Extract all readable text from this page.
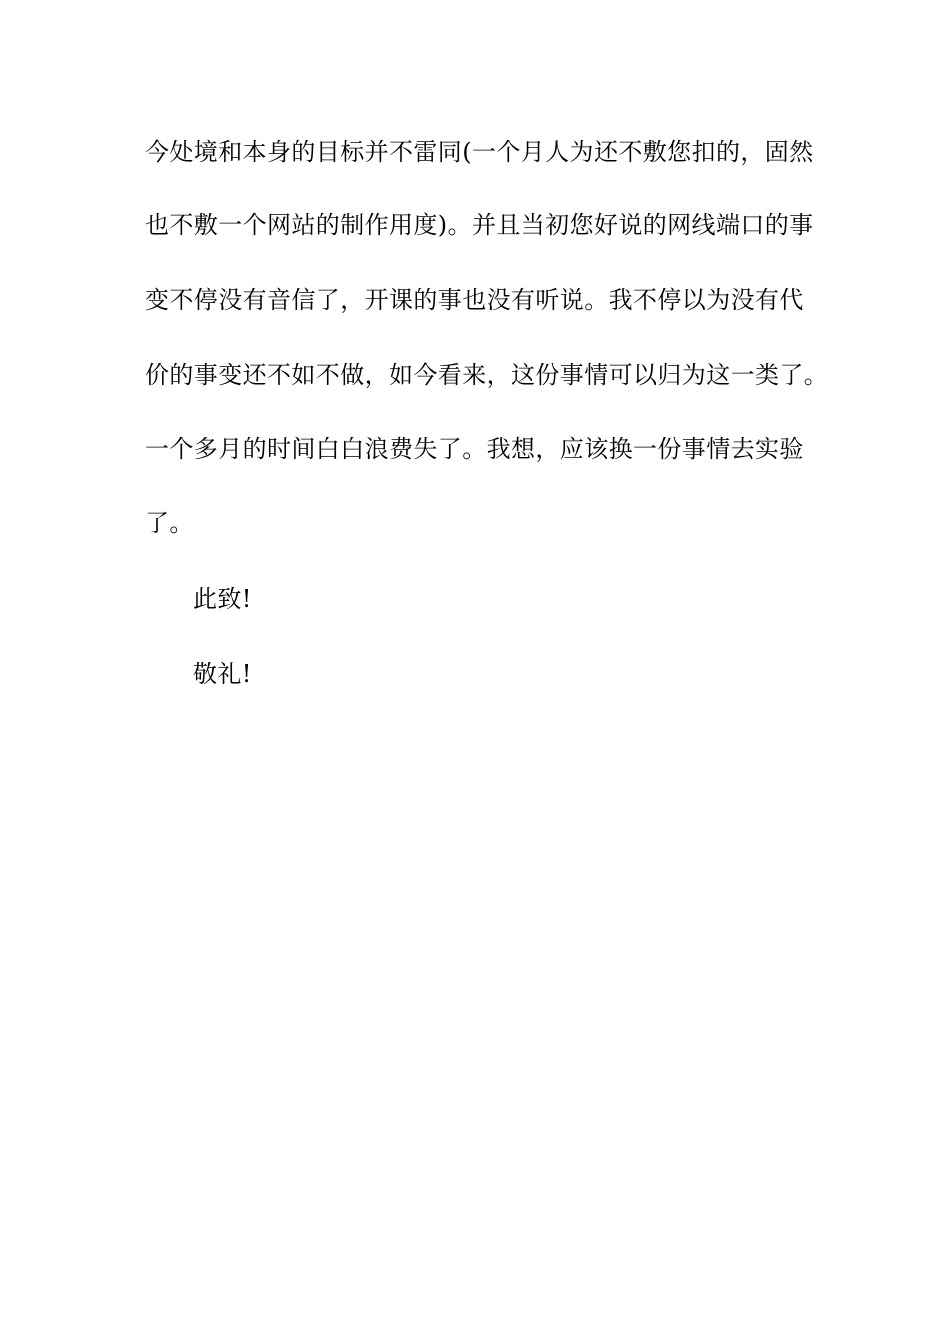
今处境和本身的目标并不雷同(一个月人为还不敷您扣的，固然
也不敷一个网站的制作用度)。并且当初您好说的网线端口的事
变不停没有音信了，开课的事也没有听说。我不停以为没有代
价的事变还不如不做，如今看来，这份事情可以归为这一类了。
一个多月的时间白白浪费失了。我想，应该换一份事情去实验
了。
此致!
敬礼!
